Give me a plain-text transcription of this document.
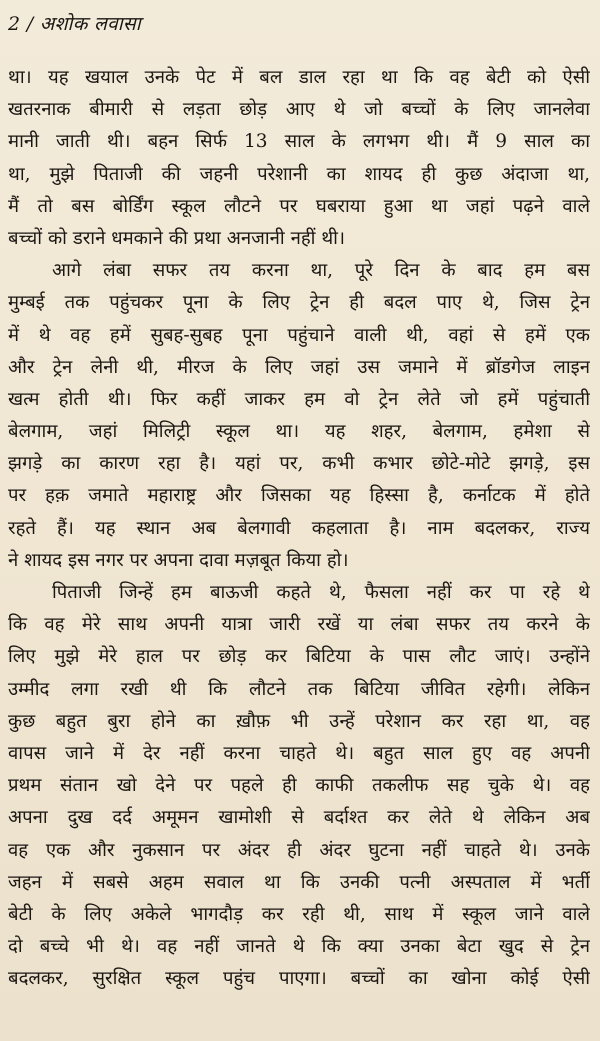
2 / अशोक लवासा
था। यह खयाल उनके पेट में बल डाल रहा था कि वह बेटी को ऐसी
खतरनाक बीमारी से लड़ता छोड़ आए थे जो बच्चों के लिए जानलेवा
मानी जाती थी। बहन सिर्फ 13 साल के लगभग थी। मैं 9 साल का
था, मुझे पिताजी की जहनी परेशानी का शायद ही कुछ अंदाजा था,
मैं तो बस बोर्डिंग स्कूल लौटने पर घबराया हुआ था जहां पढ़ने वाले
बच्चों को डराने धमकाने की प्रथा अनजानी नहीं थी।
आगे लंबा सफर तय करना था, पूरे दिन के बाद हम बस
मुम्बई तक पहुंचकर पूना के लिए ट्रेन ही बदल पाए थे, जिस ट्रेन
में थे वह हमें सुबह-सुबह पूना पहुंचाने वाली थी, वहां से हमें एक
और ट्रेन लेनी थी, मीरज के लिए जहां उस जमाने में ब्रॉडगेज लाइन
खत्म होती थी। फिर कहीं जाकर हम वो ट्रेन लेते जो हमें पहुंचाती
बेलगाम, जहां मिलिट्री स्कूल था। यह शहर, बेलगाम, हमेशा से
झगड़े का कारण रहा है। यहां पर, कभी कभार छोटे-मोटे झगड़े, इस
पर हक़ जमाते महाराष्ट्र और जिसका यह हिस्सा है, कर्नाटक में होते
रहते हैं। यह स्थान अब बेलगावी कहलाता है। नाम बदलकर, राज्य
ने शायद इस नगर पर अपना दावा मज़बूत किया हो।
पिताजी जिन्हें हम बाऊजी कहते थे, फैसला नहीं कर पा रहे थे
कि वह मेरे साथ अपनी यात्रा जारी रखें या लंबा सफर तय करने के
लिए मुझे मेरे हाल पर छोड़ कर बिटिया के पास लौट जाएं। उन्होंने
उम्मीद लगा रखी थी कि लौटने तक बिटिया जीवित रहेगी। लेकिन
कुछ बहुत बुरा होने का ख़ौफ़ भी उन्हें परेशान कर रहा था, वह
वापस जाने में देर नहीं करना चाहते थे। बहुत साल हुए वह अपनी
प्रथम संतान खो देने पर पहले ही काफी तकलीफ सह चुके थे। वह
अपना दुख दर्द अमूमन खामोशी से बर्दाश्त कर लेते थे लेकिन अब
वह एक और नुकसान पर अंदर ही अंदर घुटना नहीं चाहते थे। उनके
जहन में सबसे अहम सवाल था कि उनकी पत्नी अस्पताल में भर्ती
बेटी के लिए अकेले भागदौड़ कर रही थी, साथ में स्कूल जाने वाले
दो बच्चे भी थे। वह नहीं जानते थे कि क्या उनका बेटा खुद से ट्रेन
बदलकर, सुरक्षित स्कूल पहुंच पाएगा। बच्चों का खोना कोई ऐसी
